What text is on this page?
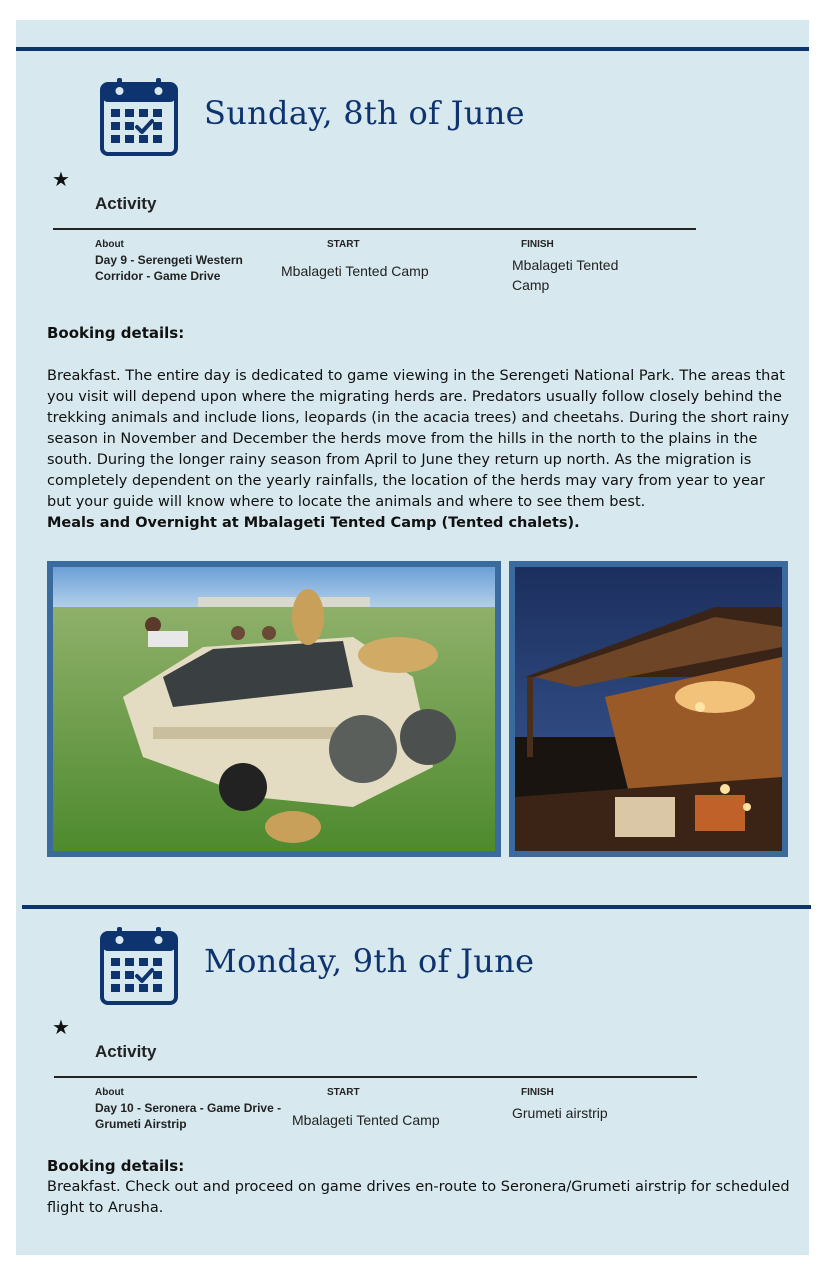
Sunday, 8th of June
★
Activity
About	START	FINISH
Day 9 - Serengeti Western Corridor - Game Drive	Mbalageti Tented Camp	Mbalageti Tented Camp
Booking details:
Breakfast. The entire day is dedicated to game viewing in the Serengeti National Park. The areas that you visit will depend upon where the migrating herds are. Predators usually follow closely behind the trekking animals and include lions, leopards (in the acacia trees) and cheetahs. During the short rainy season in November and December the herds move from the hills in the north to the plains in the south. During the longer rainy season from April to June they return up north. As the migration is completely dependent on the yearly rainfalls, the location of the herds may vary from year to year but your guide will know where to locate the animals and where to see them best.
Meals and Overnight at Mbalageti Tented Camp (Tented chalets).
Monday, 9th of June
★
Activity
About	START	FINISH
Day 10 - Seronera - Game Drive - Grumeti Airstrip	Mbalageti Tented Camp	Grumeti airstrip
Booking details:
Breakfast. Check out and proceed on game drives en-route to Seronera/Grumeti airstrip for scheduled flight to Arusha.
